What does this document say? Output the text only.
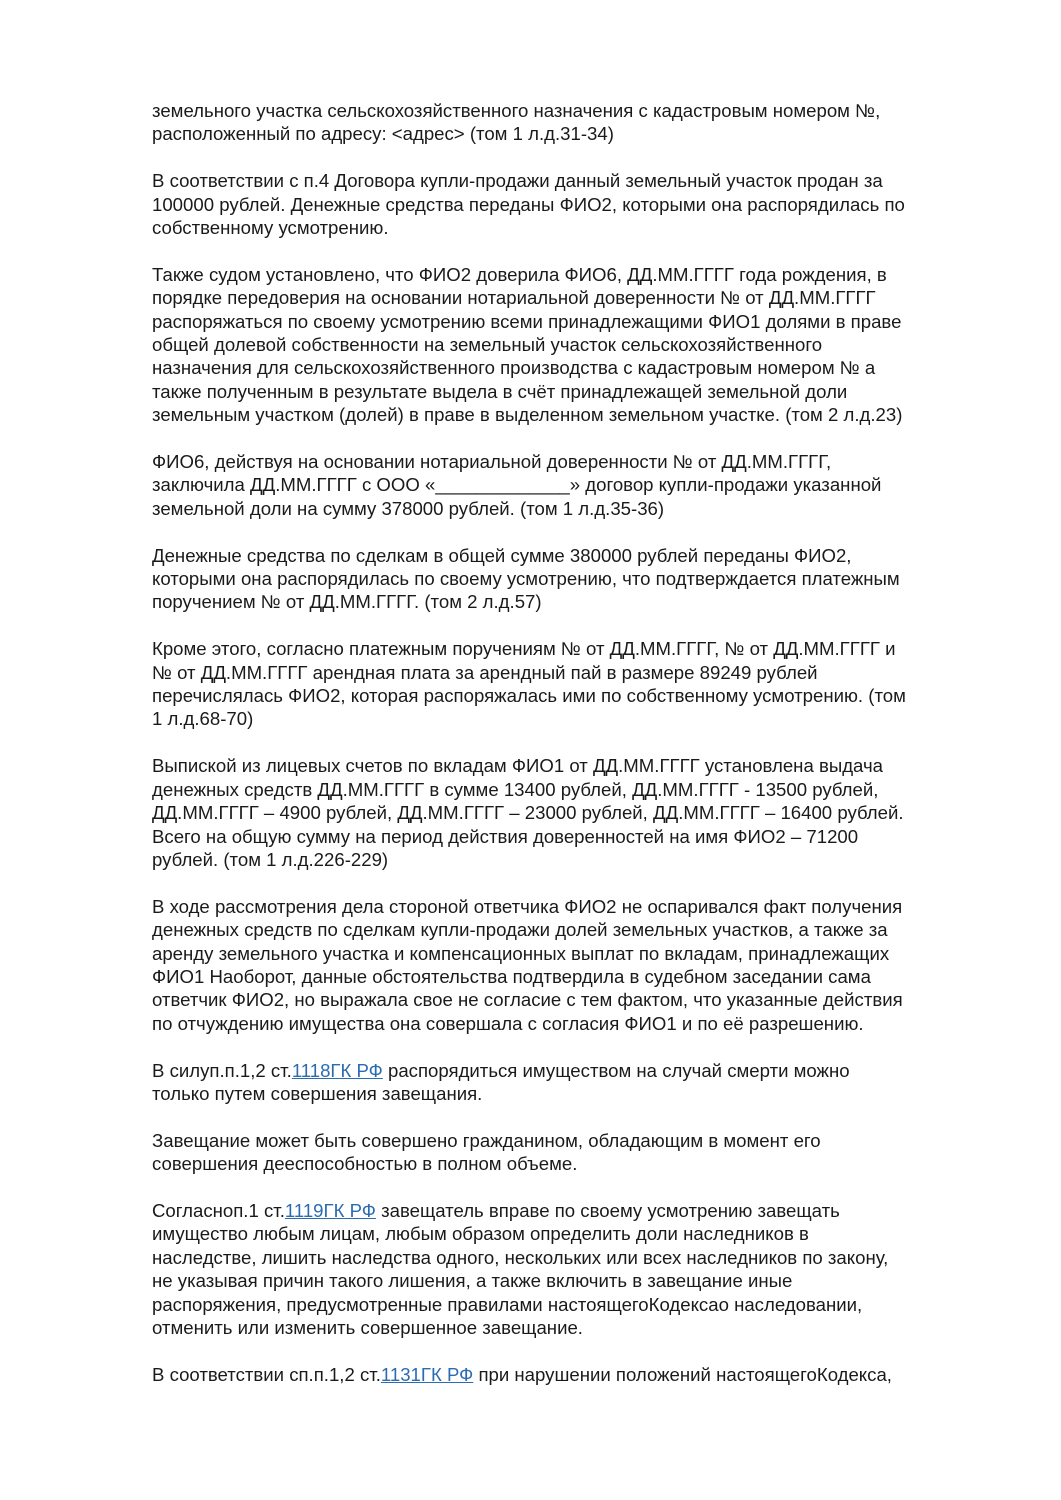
земельного участка сельскохозяйственного назначения с кадастровым номером №,
расположенный по адресу: <адрес> (том 1 л.д.31-34)
В соответствии с п.4 Договора купли-продажи данный земельный участок продан за
100000 рублей. Денежные средства переданы ФИО2, которыми она распорядилась по
собственному усмотрению.
Также судом установлено, что ФИО2 доверила ФИО6, ДД.ММ.ГГГГ года рождения, в
порядке передоверия на основании нотариальной доверенности № от ДД.ММ.ГГГГ
распоряжаться по своему усмотрению всеми принадлежащими ФИО1 долями в праве
общей долевой собственности на земельный участок сельскохозяйственного
назначения для сельскохозяйственного производства с кадастровым номером № а
также полученным в результате выдела в счёт принадлежащей земельной доли
земельным участком (долей) в праве в выделенном земельном участке. (том 2 л.д.23)
ФИО6, действуя на основании нотариальной доверенности № от ДД.ММ.ГГГГ,
заключила ДД.ММ.ГГГГ с ООО «_____________» договор купли-продажи указанной
земельной доли на сумму 378000 рублей. (том 1 л.д.35-36)
Денежные средства по сделкам в общей сумме 380000 рублей переданы ФИО2,
которыми она распорядилась по своему усмотрению, что подтверждается платежным
поручением № от ДД.ММ.ГГГГ. (том 2 л.д.57)
Кроме этого, согласно платежным поручениям № от ДД.ММ.ГГГГ, № от ДД.ММ.ГГГГ и
№ от ДД.ММ.ГГГГ арендная плата за арендный пай в размере 89249 рублей
перечислялась ФИО2, которая распоряжалась ими по собственному усмотрению. (том
1 л.д.68-70)
Выпиской из лицевых счетов по вкладам ФИО1 от ДД.ММ.ГГГГ установлена выдача
денежных средств ДД.ММ.ГГГГ в сумме 13400 рублей, ДД.ММ.ГГГГ - 13500 рублей,
ДД.ММ.ГГГГ – 4900 рублей, ДД.ММ.ГГГГ – 23000 рублей, ДД.ММ.ГГГГ – 16400 рублей.
Всего на общую сумму на период действия доверенностей на имя ФИО2 – 71200
рублей. (том 1 л.д.226-229)
В ходе рассмотрения дела стороной ответчика ФИО2 не оспаривался факт получения
денежных средств по сделкам купли-продажи долей земельных участков, а также за
аренду земельного участка и компенсационных выплат по вкладам, принадлежащих
ФИО1 Наоборот, данные обстоятельства подтвердила в судебном заседании сама
ответчик ФИО2, но выражала свое не согласие с тем фактом, что указанные действия
по отчуждению имущества она совершала с согласия ФИО1 и по её разрешению.
В силуп.п.1,2 ст.1118ГК РФ распорядиться имуществом на случай смерти можно
только путем совершения завещания.
Завещание может быть совершено гражданином, обладающим в момент его
совершения дееспособностью в полном объеме.
Согласноп.1 ст.1119ГК РФ завещатель вправе по своему усмотрению завещать
имущество любым лицам, любым образом определить доли наследников в
наследстве, лишить наследства одного, нескольких или всех наследников по закону,
не указывая причин такого лишения, а также включить в завещание иные
распоряжения, предусмотренные правилами настоящегоКодексао наследовании,
отменить или изменить совершенное завещание.
В соответствии сп.п.1,2 ст.1131ГК РФ при нарушении положений настоящегоКодекса,
